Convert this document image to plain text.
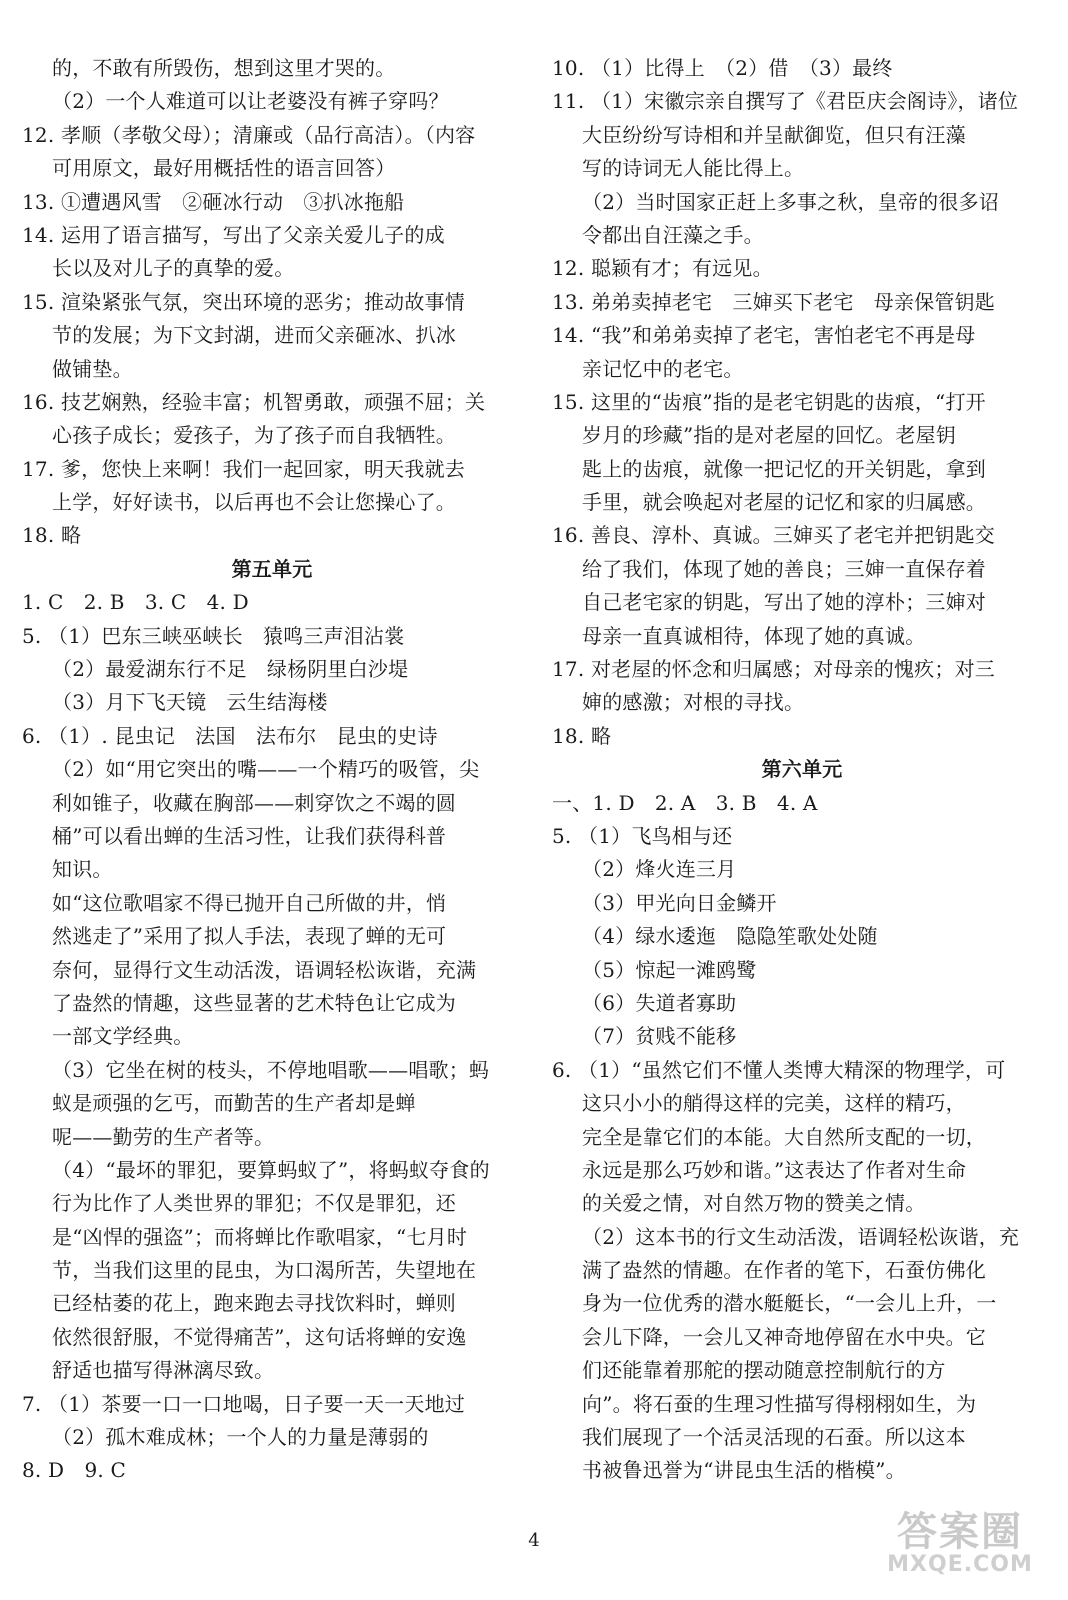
的，不敢有所毁伤，想到这里才哭的。
（2）一个人难道可以让老婆没有裤子穿吗？
12. 孝顺（孝敬父母）；清廉或（品行高洁）。（内容
可用原文，最好用概括性的语言回答）
13. ①遭遇风雪　②砸冰行动　③扒冰拖船
14. 运用了语言描写，写出了父亲关爱儿子的成
长以及对儿子的真挚的爱。
15. 渲染紧张气氛，突出环境的恶劣；推动故事情
节的发展；为下文封湖，进而父亲砸冰、扒冰
做铺垫。
16. 技艺娴熟，经验丰富；机智勇敢，顽强不屈；关
心孩子成长；爱孩子，为了孩子而自我牺牲。
17. 爹，您快上来啊！我们一起回家，明天我就去
上学，好好读书，以后再也不会让您操心了。
18. 略
第五单元
1. C　2. B　3. C　4. D
5. （1）巴东三峡巫峡长　猿鸣三声泪沾裳
（2）最爱湖东行不足　绿杨阴里白沙堤
（3）月下飞天镜　云生结海楼
6. （1）. 昆虫记　法国　法布尔　昆虫的史诗
（2）如“用它突出的嘴——一个精巧的吸管，尖
利如锥子，收藏在胸部——刺穿饮之不竭的圆
桶”可以看出蝉的生活习性，让我们获得科普
知识。
如“这位歌唱家不得已抛开自己所做的井，悄
然逃走了”采用了拟人手法，表现了蝉的无可
奈何，显得行文生动活泼，语调轻松诙谐，充满
了盎然的情趣，这些显著的艺术特色让它成为
一部文学经典。
（3）它坐在树的枝头，不停地唱歌——唱歌；蚂
蚁是顽强的乞丐，而勤苦的生产者却是蝉
呢——勤劳的生产者等。
（4）“最坏的罪犯，要算蚂蚁了”，将蚂蚁夺食的
行为比作了人类世界的罪犯；不仅是罪犯，还
是“凶悍的强盗”；而将蝉比作歌唱家，“七月时
节，当我们这里的昆虫，为口渴所苦，失望地在
已经枯萎的花上，跑来跑去寻找饮料时，蝉则
依然很舒服，不觉得痛苦”，这句话将蝉的安逸
舒适也描写得淋漓尽致。
7. （1）茶要一口一口地喝，日子要一天一天地过
（2）孤木难成林；一个人的力量是薄弱的
8. D　9. C
10. （1）比得上　（2）借　（3）最终
11. （1）宋徽宗亲自撰写了《君臣庆会阁诗》，诸位
大臣纷纷写诗相和并呈献御览，但只有汪藻
写的诗词无人能比得上。
（2）当时国家正赶上多事之秋，皇帝的很多诏
令都出自汪藻之手。
12. 聪颖有才；有远见。
13. 弟弟卖掉老宅　三婶买下老宅　母亲保管钥匙
14. “我”和弟弟卖掉了老宅，害怕老宅不再是母
亲记忆中的老宅。
15. 这里的“齿痕”指的是老宅钥匙的齿痕，“打开
岁月的珍藏”指的是对老屋的回忆。老屋钥
匙上的齿痕，就像一把记忆的开关钥匙，拿到
手里，就会唤起对老屋的记忆和家的归属感。
16. 善良、淳朴、真诚。三婶买了老宅并把钥匙交
给了我们，体现了她的善良；三婶一直保存着
自己老宅家的钥匙，写出了她的淳朴；三婶对
母亲一直真诚相待，体现了她的真诚。
17. 对老屋的怀念和归属感；对母亲的愧疚；对三
婶的感激；对根的寻找。
18. 略
第六单元
一、1. D　2. A　3. B　4. A
5. （1）飞鸟相与还
（2）烽火连三月
（3）甲光向日金鳞开
（4）绿水逶迤　隐隐笙歌处处随
（5）惊起一滩鸥鹭
（6）失道者寡助
（7）贫贱不能移
6. （1）“虽然它们不懂人类博大精深的物理学，可
这只小小的艄得这样的完美，这样的精巧，
完全是靠它们的本能。大自然所支配的一切，
永远是那么巧妙和谐。”这表达了作者对生命
的关爱之情，对自然万物的赞美之情。
（2）这本书的行文生动活泼，语调轻松诙谐，充
满了盎然的情趣。在作者的笔下，石蚕仿佛化
身为一位优秀的潜水艇艇长，“一会儿上升，一
会儿下降，一会儿又神奇地停留在水中央。它
们还能靠着那舵的摆动随意控制航行的方
向”。将石蚕的生理习性描写得栩栩如生，为
我们展现了一个活灵活现的石蚕。所以这本
书被鲁迅誉为“讲昆虫生活的楷模”。
4	答案圈
MXQE.COM
